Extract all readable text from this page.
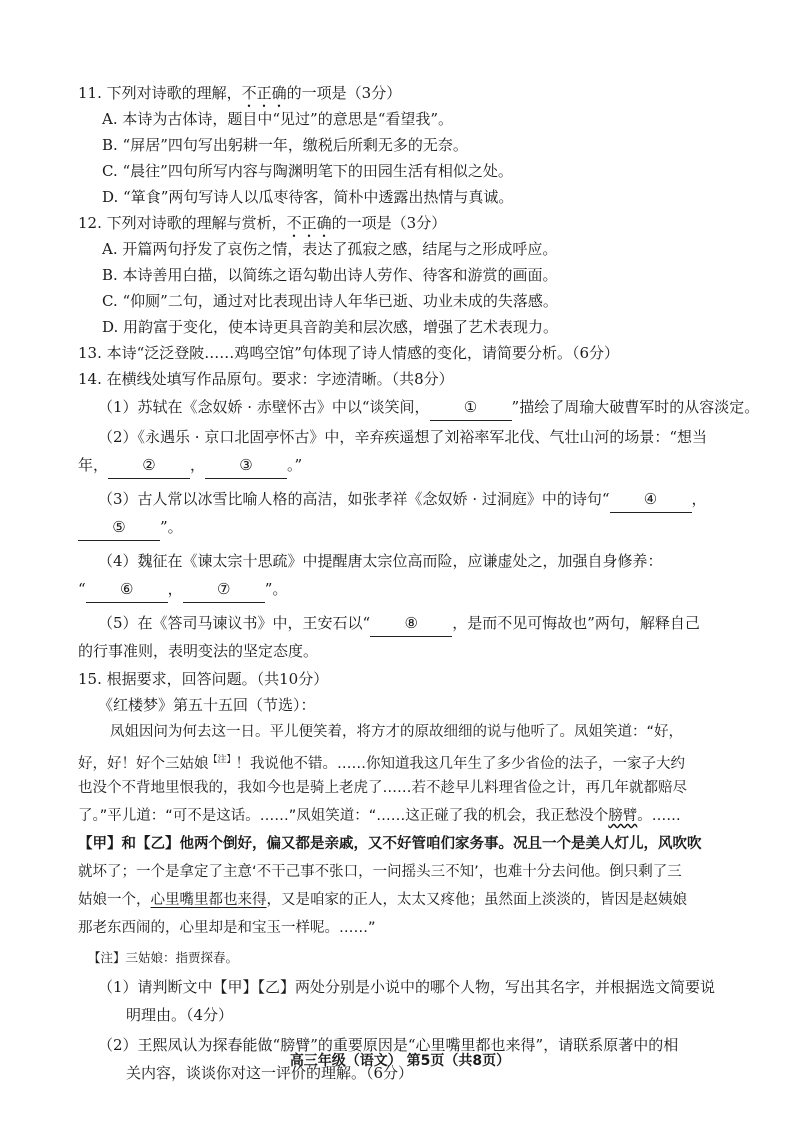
11. 下列对诗歌的理解，不正确的一项是（3分）
A. 本诗为古体诗，题目中“见过”的意思是“看望我”。
B. “屏居”四句写出躬耕一年，缴税后所剩无多的无奈。
C. “晨往”四句所写内容与陶渊明笔下的田园生活有相似之处。
D. “箪食”两句写诗人以瓜枣待客，简朴中透露出热情与真诚。
12. 下列对诗歌的理解与赏析，不正确的一项是（3分）
A. 开篇两句抒发了哀伤之情，表达了孤寂之感，结尾与之形成呼应。
B. 本诗善用白描，以简练之语勾勒出诗人劳作、待客和游赏的画面。
C. “仰厕”二句，通过对比表现出诗人年华已逝、功业未成的失落感。
D. 用韵富于变化，使本诗更具音韵美和层次感，增强了艺术表现力。
13. 本诗“泛泛登陂……鸡鸣空馆”句体现了诗人情感的变化，请简要分析。（6分）
14. 在横线处填写作品原句。要求：字迹清晰。（共8分）
（1）苏轼在《念奴娇 · 赤壁怀古》中以“谈笑间， ① ”描绘了周瑜大破曹军时的从容淡定。
（2）《永遇乐 · 京口北固亭怀古》中，辛弃疾遥想了刘裕率军北伐、气壮山河的场景：“想当
年， ② ， ③ 。”
（3）古人常以冰雪比喻人格的高洁，如张孝祥《念奴娇 · 过洞庭》中的诗句“ ④ ，
⑤ ”。
（4）魏征在《谏太宗十思疏》中提醒唐太宗位高而险，应谦虚处之，加强自身修养：
“ ⑥ ， ⑦ ”。
（5）在《答司马谏议书》中，王安石以“ ⑧ ，是而不见可悔故也”两句，解释自己
的行事准则，表明变法的坚定态度。
15. 根据要求，回答问题。（共10分）
《红楼梦》第五十五回（节选）：
凤姐因问为何去这一日。平儿便笑着，将方才的原故细细的说与他听了。凤姐笑道：“好，
好，好！好个三姑娘$^{【注】}$！我说他不错。……你知道我这几年生了多少省俭的法子，一家子大约
也没个不背地里恨我的，我如今也是骑上老虎了……若不趁早儿料理省俭之计，再几年就都赔尽
了。”平儿道：“可不是这话。……”凤姐笑道：“……这正碰了我的机会，我正愁没个膀臂。……
【甲】和【乙】他两个倒好，偏又都是亲戚，又不好管咱们家务事。况且一个是美人灯儿，风吹吹
就坏了；一个是拿定了主意‘不干己事不张口，一问摇头三不知’，也难十分去问他。倒只剩了三
姑娘一个，心里嘴里都也来得，又是咱家的正人，太太又疼他；虽然面上淡淡的，皆因是赵姨娘
那老东西闹的，心里却是和宝玉一样呢。……”
【注】三姑娘：指贾探春。
（1）请判断文中【甲】【乙】两处分别是小说中的哪个人物，写出其名字，并根据选文简要说
明理由。（4分）
（2）王熙凤认为探春能做“膀臂”的重要原因是“心里嘴里都也来得”，请联系原著中的相
关内容，谈谈你对这一评价的理解。（6分）
高三年级（语文） 第5页（共8页）
